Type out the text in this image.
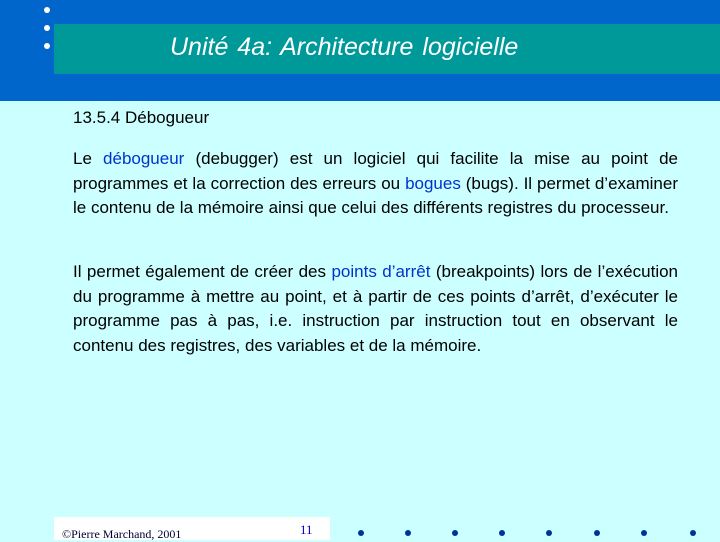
Unité 4a: Architecture logicielle
13.5.4 Débogueur
Le débogueur (debugger) est un logiciel qui facilite la mise au point de programmes et la correction des erreurs ou bogues (bugs). Il permet d’examiner le contenu de la mémoire ainsi que celui des différents registres du processeur.
Il permet également de créer des points d’arrêt (breakpoints) lors de l’exécution du programme à mettre au point, et à partir de ces points d’arrêt, d’exécuter le programme pas à pas, i.e. instruction par instruction tout en observant le contenu des registres, des variables et de la mémoire.
©Pierre Marchand, 2001	11
